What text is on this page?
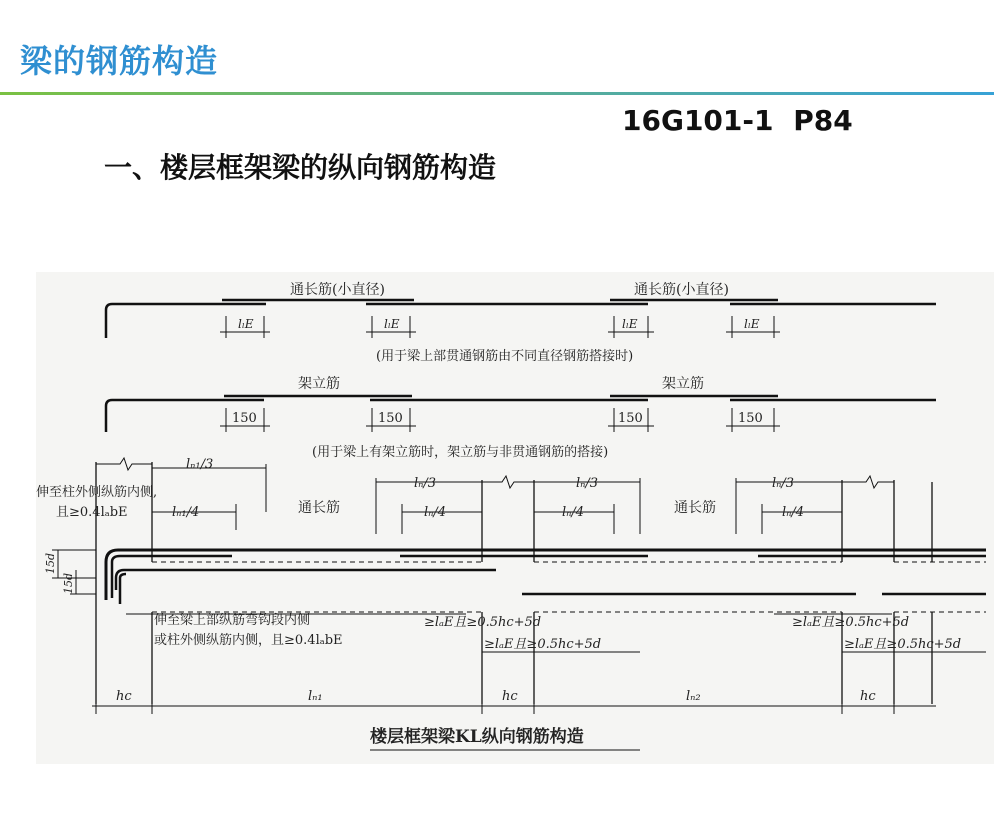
梁的钢筋构造
16G101-1 P84
一、楼层框架梁的纵向钢筋构造
通长筋(小直径)	通长筋(小直径)
lₗE	lₗE	lₗE	lₗE
(用于梁上部贯通钢筋由不同直径钢筋搭接时)
架立筋	架立筋
150	150	150	150
(用于梁上有架立筋时，架立筋与非贯通钢筋的搭接)
lₙ₁/3
lₙ₁/4
lₙ/3
lₙ/4
lₙ/3
lₙ/4
lₙ/3
lₙ/4
通长筋	通长筋
伸至柱外侧纵筋内侧,
且≥0.4lₐbE
15d
15d
伸至梁上部纵筋弯钩段内侧
或柱外侧纵筋内侧，且≥0.4lₐbE
≥lₐE且≥0.5hc+5d
≥lₐE且≥0.5hc+5d
≥lₐE且≥0.5hc+5d
≥lₐE且≥0.5hc+5d
hc	lₙ₁	hc	lₙ₂	hc
楼层框架梁KL纵向钢筋构造
